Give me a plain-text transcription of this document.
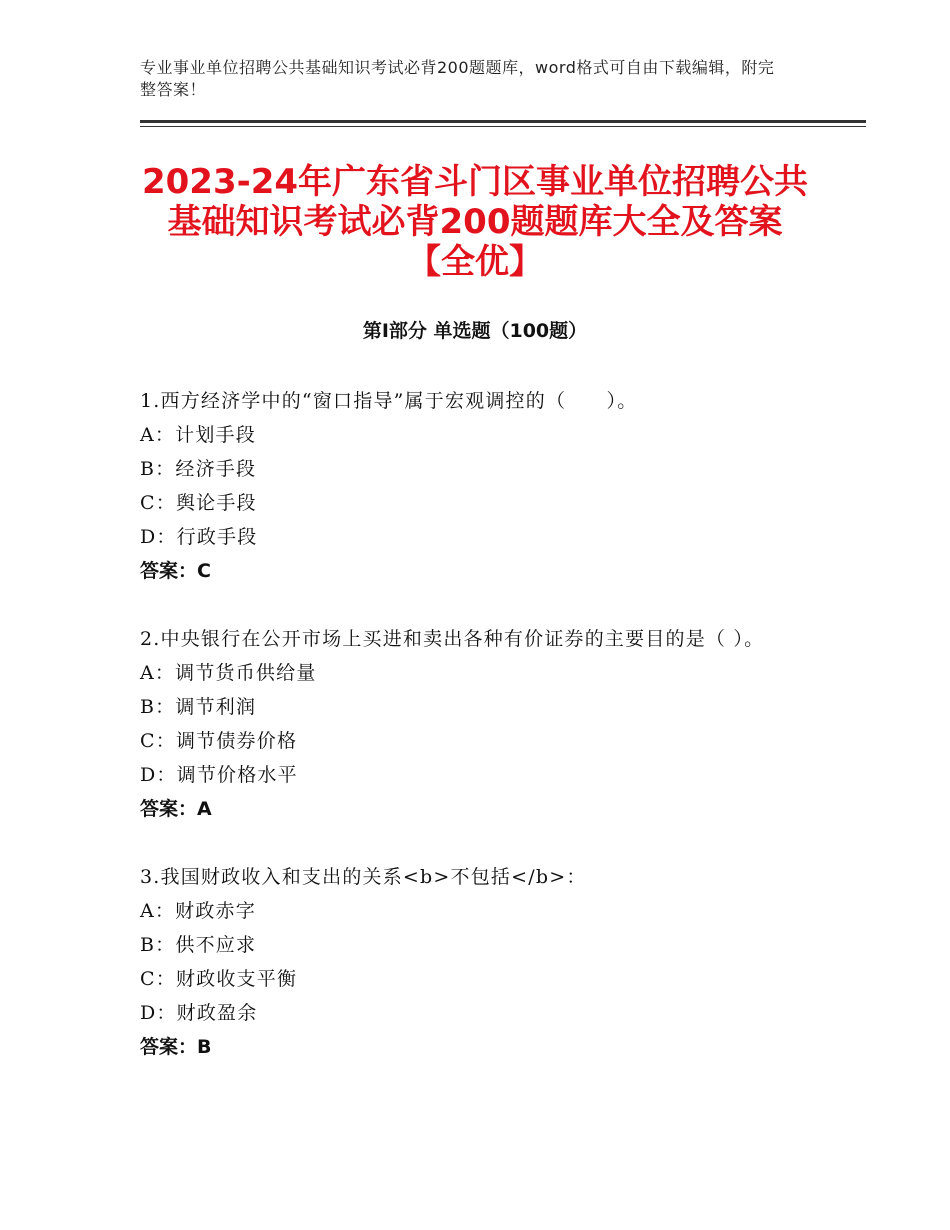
专业事业单位招聘公共基础知识考试必背200题题库，word格式可自由下载编辑，附完整答案！
2023-24年广东省斗门区事业单位招聘公共
基础知识考试必背200题题库大全及答案
【全优】
第Ⅰ部分 单选题（100题）
1.西方经济学中的“窗口指导”属于宏观调控的（　　）。
A：计划手段
B：经济手段
C：舆论手段
D：行政手段
答案：C
2.中央银行在公开市场上买进和卖出各种有价证券的主要目的是（ ）。
A：调节货币供给量
B：调节利润
C：调节债券价格
D：调节价格水平
答案：A
3.我国财政收入和支出的关系<b>不包括</b>：
A：财政赤字
B：供不应求
C：财政收支平衡
D：财政盈余
答案：B
